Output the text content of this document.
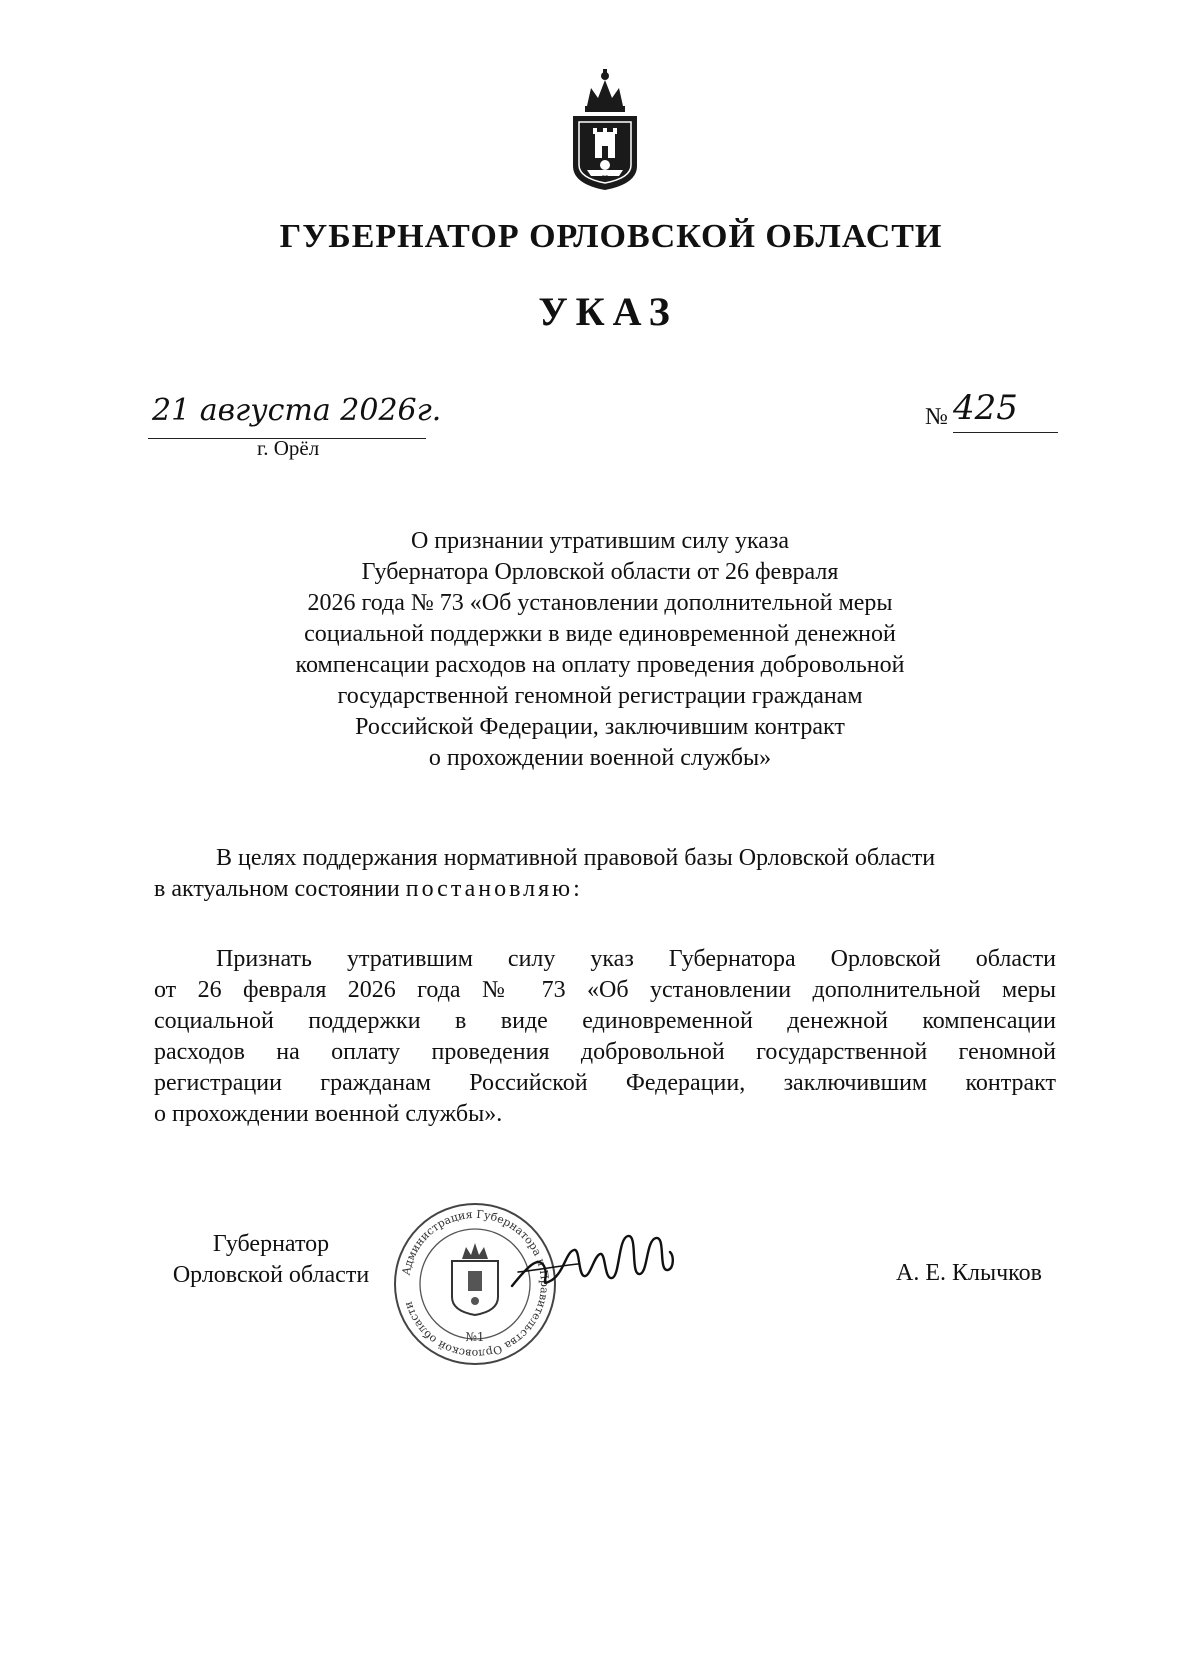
93
ГУБЕРНАТОР ОРЛОВСКОЙ ОБЛАСТИ
УКАЗ
21 августа 2026г.
г. Орёл
№ 425
О признании утратившим силу указа
Губернатора Орловской области от 26 февраля
2026 года № 73 «Об установлении дополнительной меры
социальной поддержки в виде единовременной денежной
компенсации расходов на оплату проведения добровольной
государственной геномной регистрации гражданам
Российской Федерации, заключившим контракт
о прохождении военной службы»
В целях поддержания нормативной правовой базы Орловской области
в актуальном состоянии постановляю:
Признать утратившим силу указ Губернатора Орловской области
от 26 февраля 2026 года № 73 «Об установлении дополнительной меры
социальной поддержки в виде единовременной денежной компенсации
расходов на оплату проведения добровольной государственной геномной
регистрации гражданам Российской Федерации, заключившим контракт
о прохождении военной службы».
Губернатор
Орловской области	Администрация Губернатора и Правительства Орловской области
№1
А. Е. Клычков
